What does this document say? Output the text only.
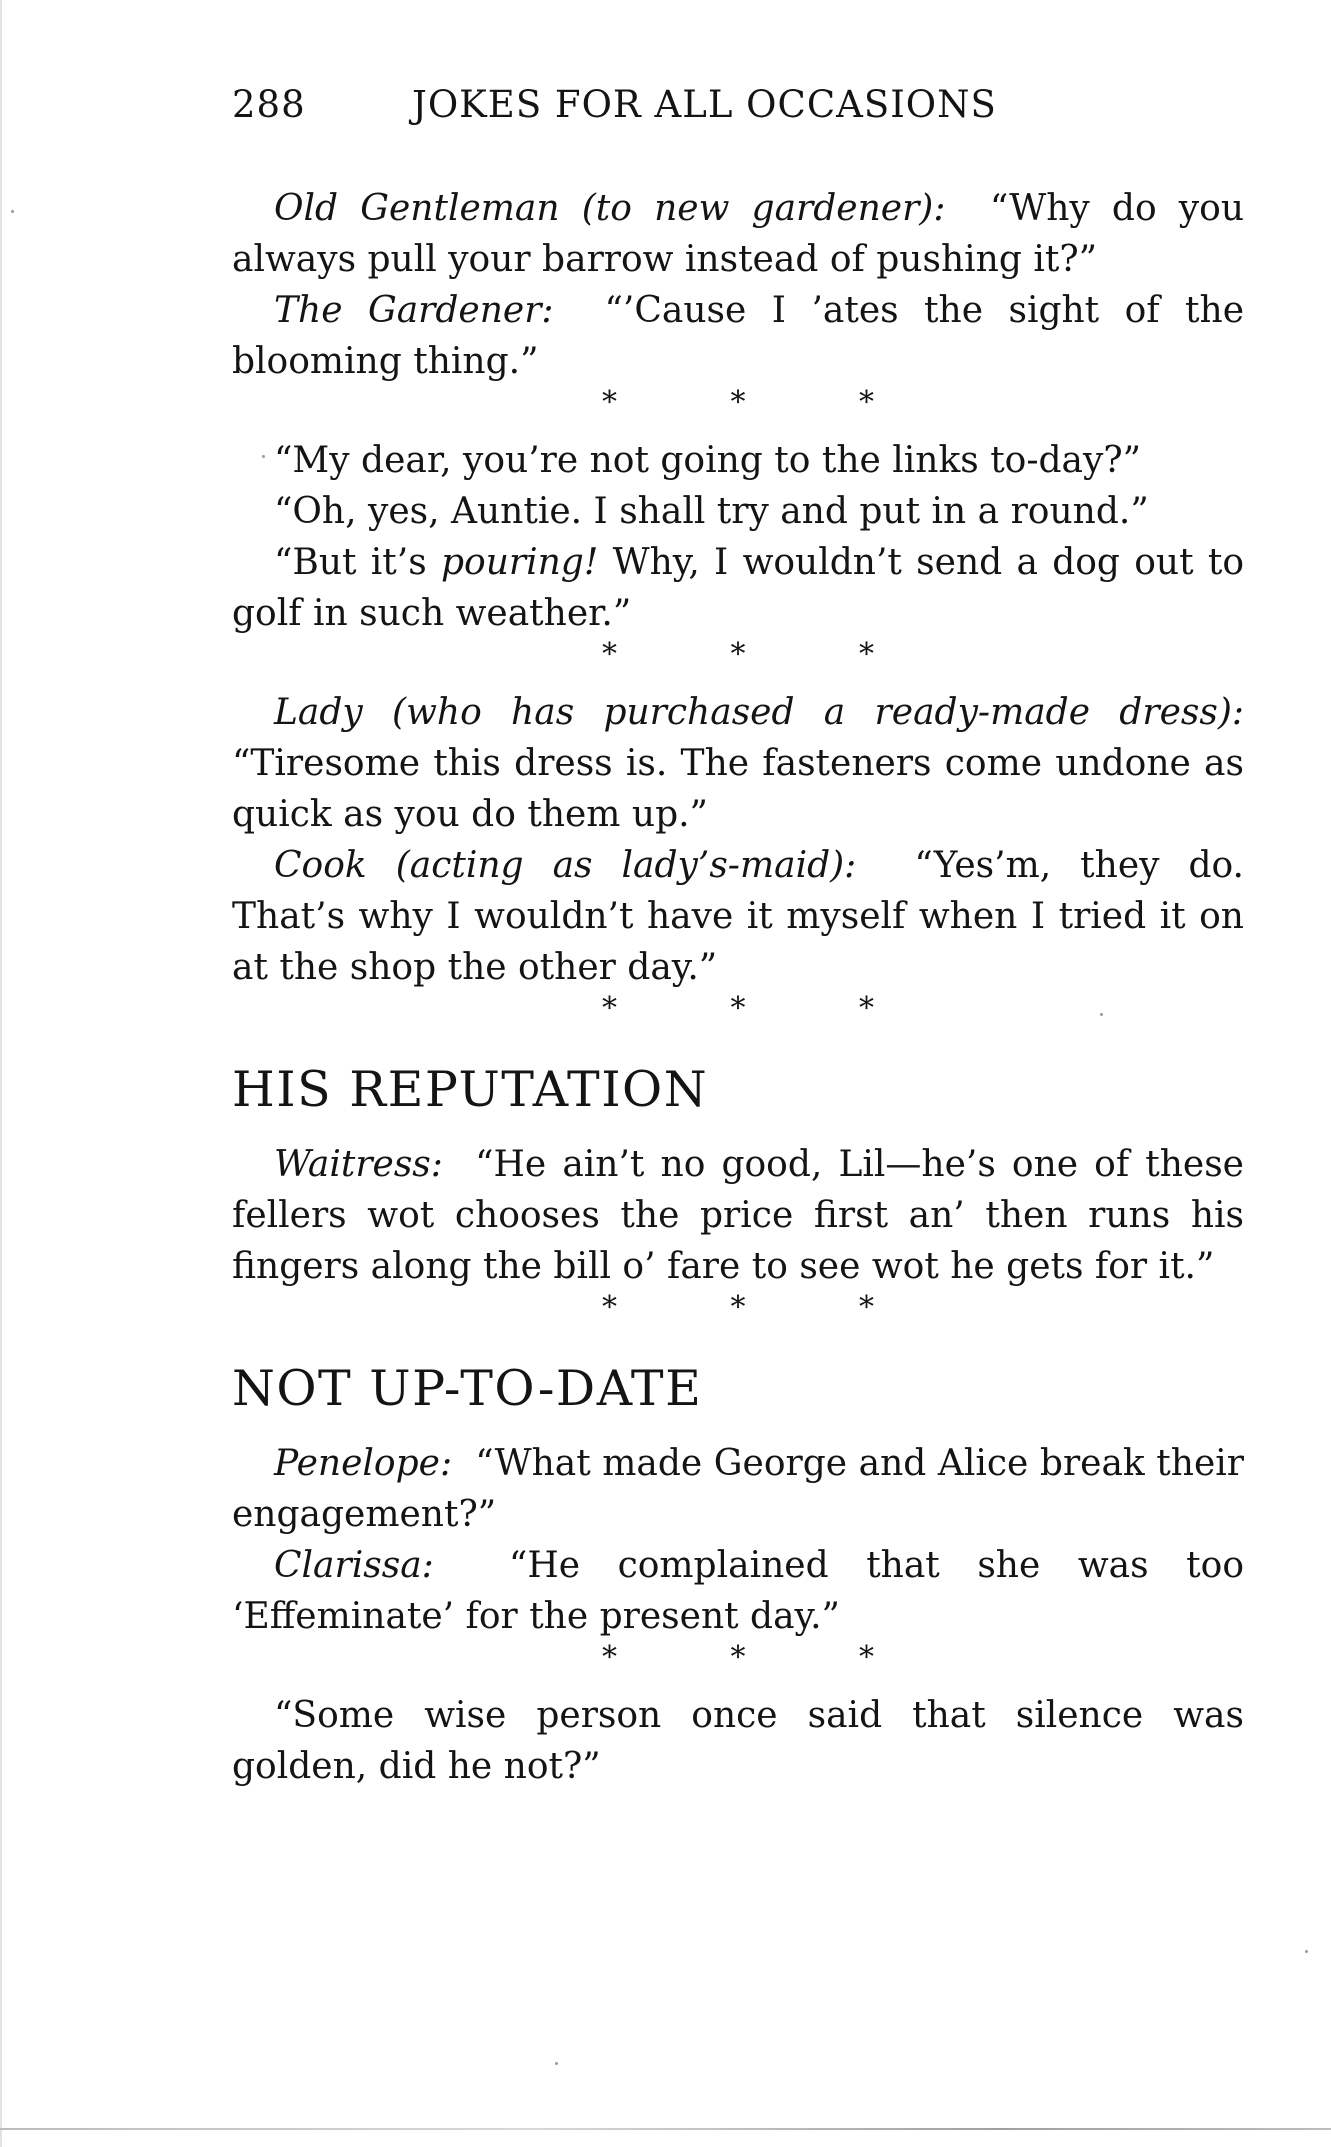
288	JOKES FOR ALL OCCASIONS

Old Gentleman (to new gardener): “Why do you always pull your barrow instead of pushing it?”

The Gardener: “’Cause I ’ates the sight of the blooming thing.”

* * *

“My dear, you’re not going to the links to-day?”

“Oh, yes, Auntie. I shall try and put in a round.”

“But it’s pouring! Why, I wouldn’t send a dog out to golf in such weather.”

* * *

Lady (who has purchased a ready-made dress): “Tiresome this dress is. The fasteners come undone as quick as you do them up.”

Cook (acting as lady’s-maid): “Yes’m, they do. That’s why I wouldn’t have it myself when I tried it on at the shop the other day.”

* * *
HIS REPUTATION

Waitress: “He ain’t no good, Lil—he’s one of these fellers wot chooses the price first an’ then runs his fingers along the bill o’ fare to see wot he gets for it.”

* * *
NOT UP-TO-DATE

Penelope: “What made George and Alice break their engagement?”

Clarissa: “He complained that she was too ‘Effeminate’ for the present day.”

* * *

“Some wise person once said that silence was golden, did he not?”
